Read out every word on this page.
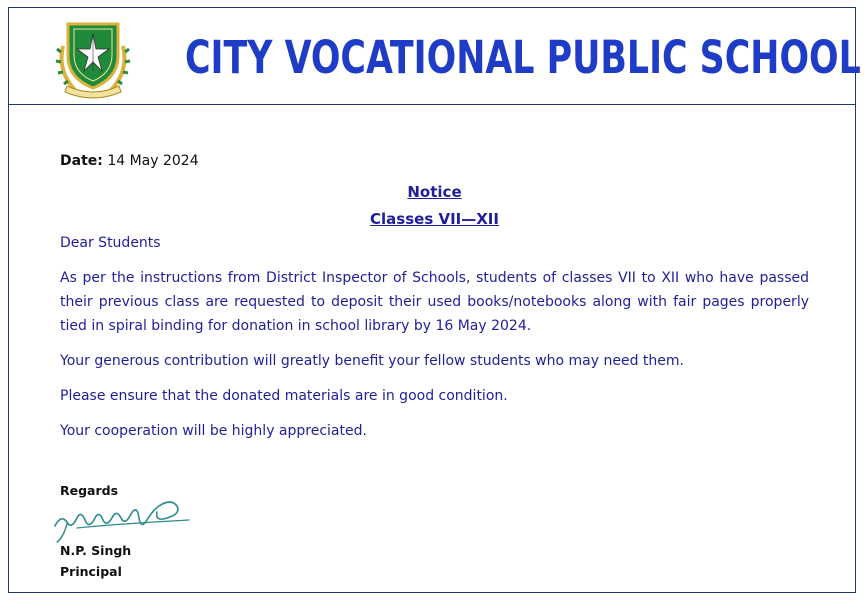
CITY VOCATIONAL PUBLIC SCHOOL
Date: 14 May 2024
Notice
Classes VII—XII
Dear Students
As per the instructions from District Inspector of Schools, students of classes VII to XII who have passed their previous class are requested to deposit their used books/notebooks along with fair pages properly tied in spiral binding for donation in school library by 16 May 2024.
Your generous contribution will greatly benefit your fellow students who may need them.
Please ensure that the donated materials are in good condition.
Your cooperation will be highly appreciated.
Regards
N.P. Singh
Principal
